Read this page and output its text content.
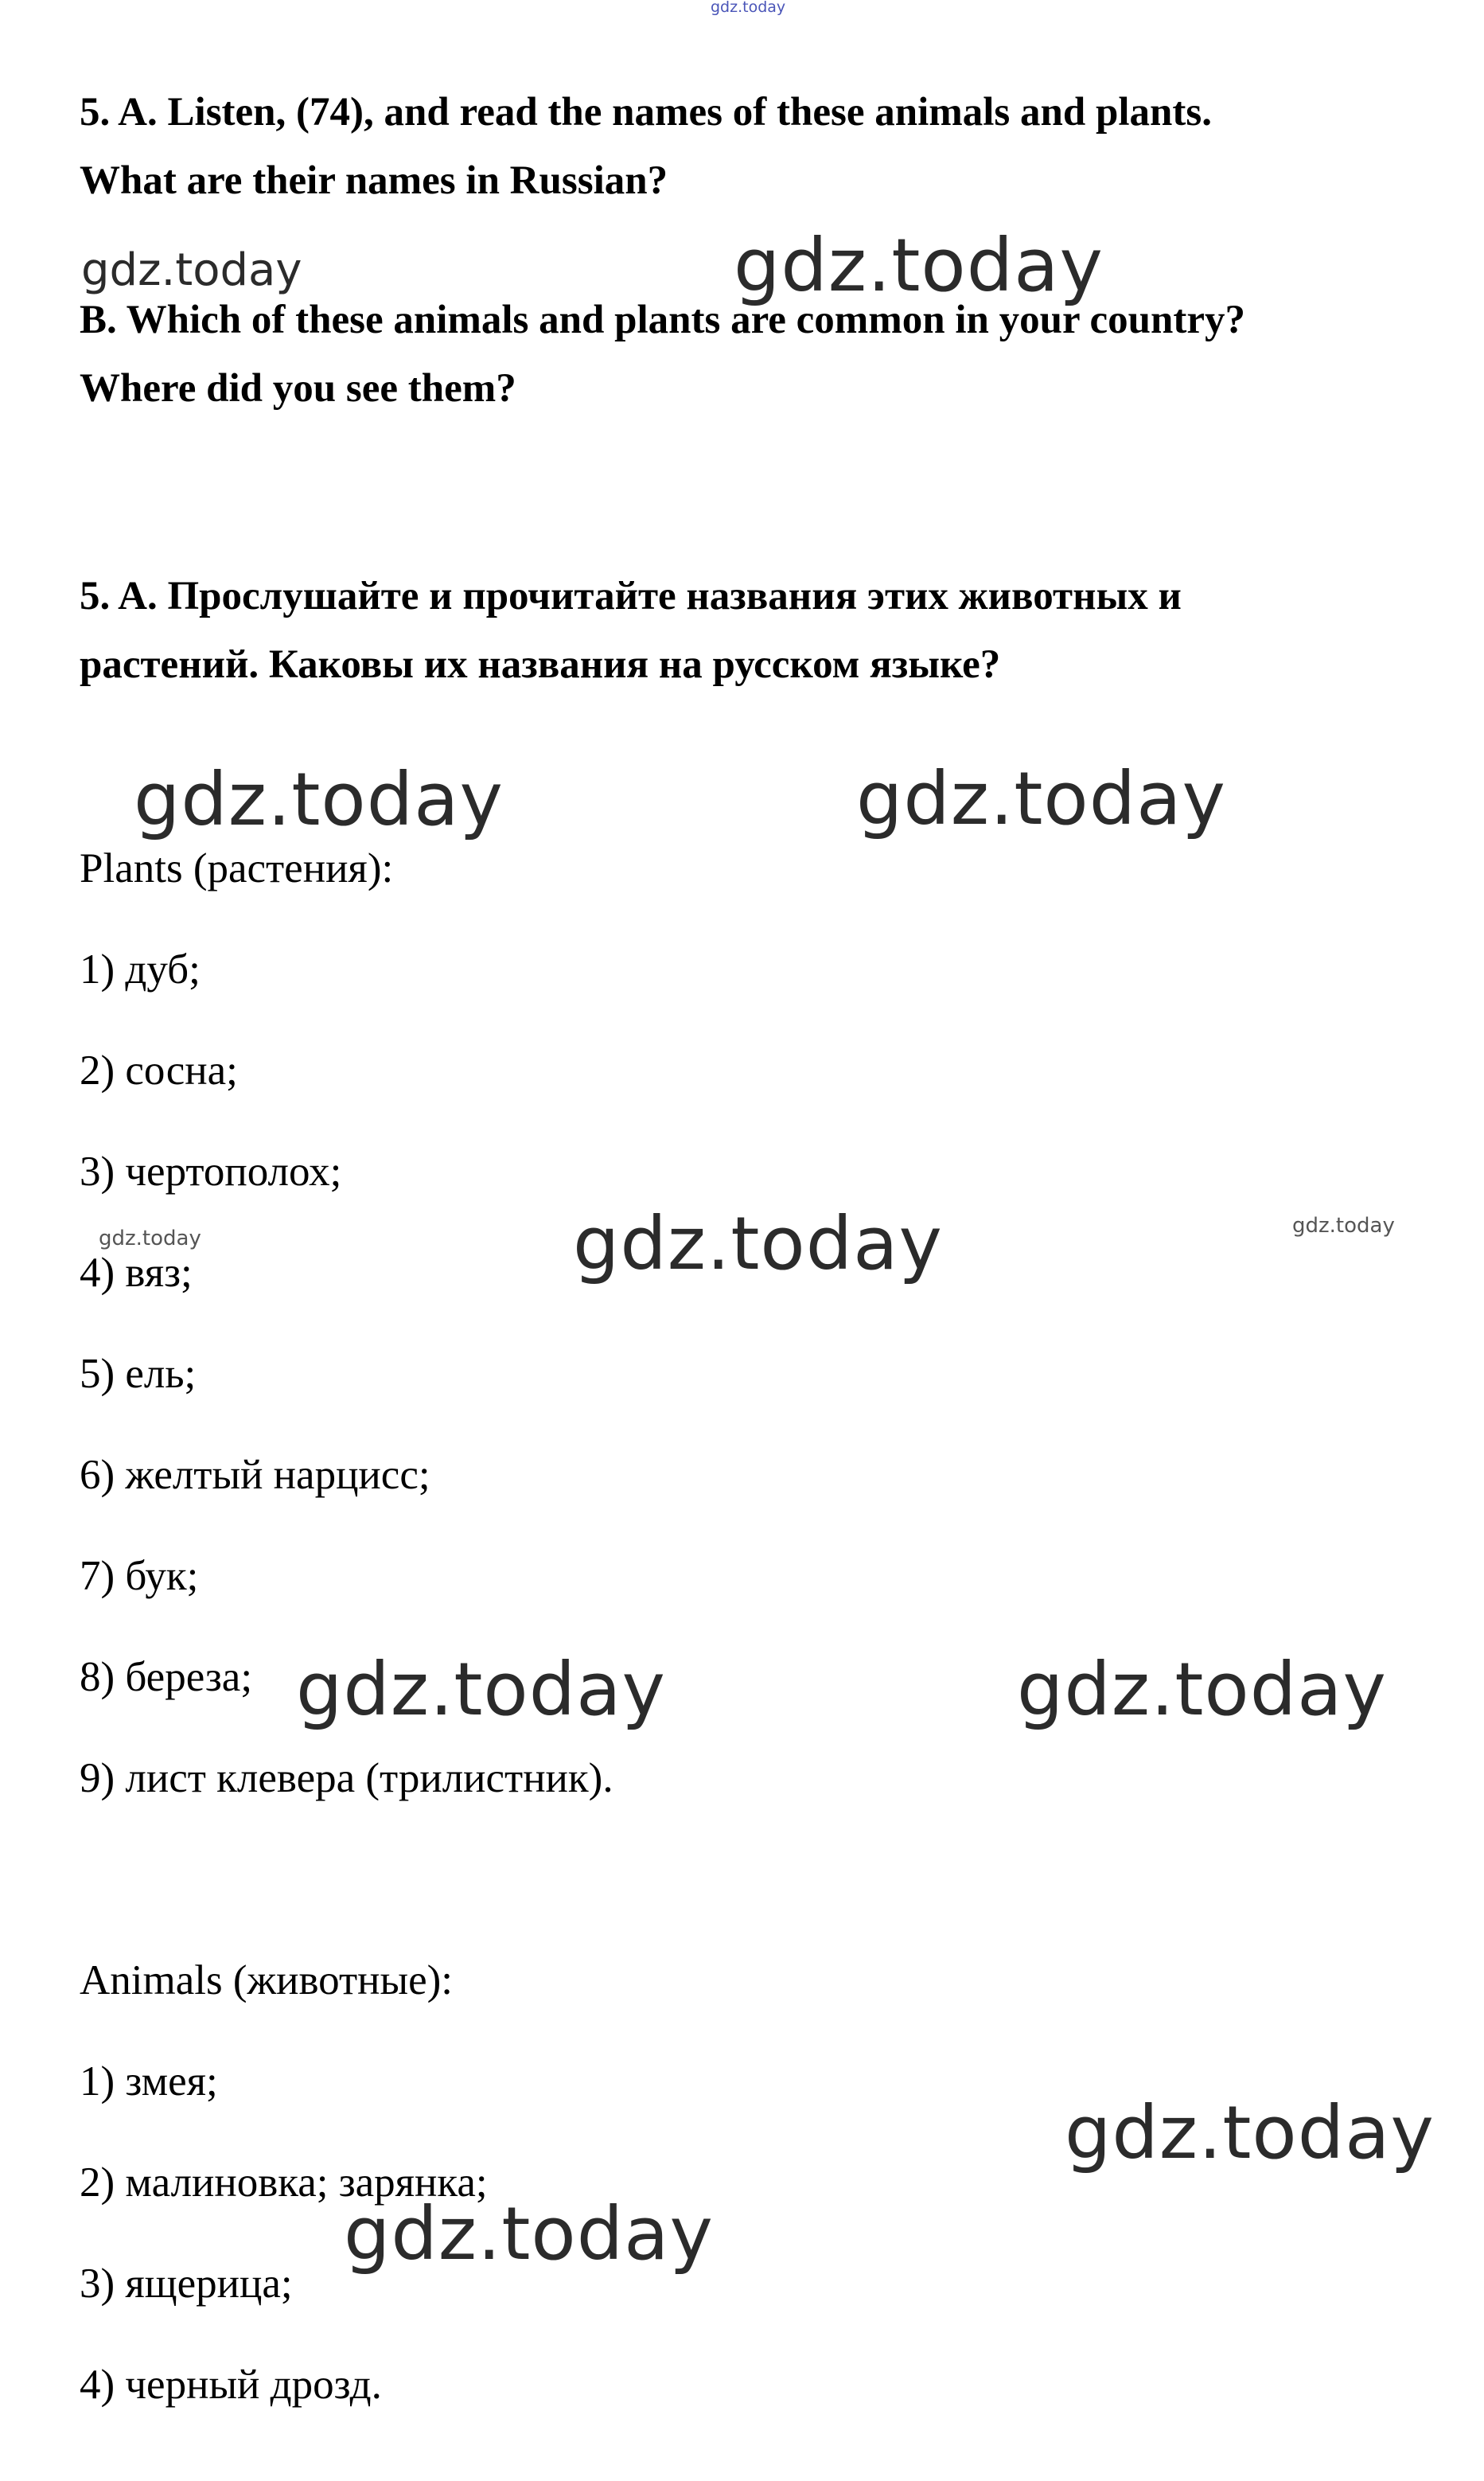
5. A. Listen, (74), and read the names of these animals and plants.
What are their names in Russian?
B. Which of these animals and plants are common in your country?
Where did you see them?
5. A. Прослушайте и прочитайте названия этих животных и
растений. Каковы их названия на русском языке?
Plants (растения):
1) дуб;
2) сосна;
3) чертополох;
4) вяз;
5) ель;
6) желтый нарцисс;
7) бук;
8) береза;
9) лист клевера (трилистник).
Animals (животные):
1) змея;
2) малиновка; зарянка;
3) ящерица;
4) черный дрозд.
gdz.today
gdz.today	gdz.today
gdz.today	gdz.today
gdz.today	gdz.today	gdz.today
gdz.today	gdz.today
gdz.today
gdz.today
